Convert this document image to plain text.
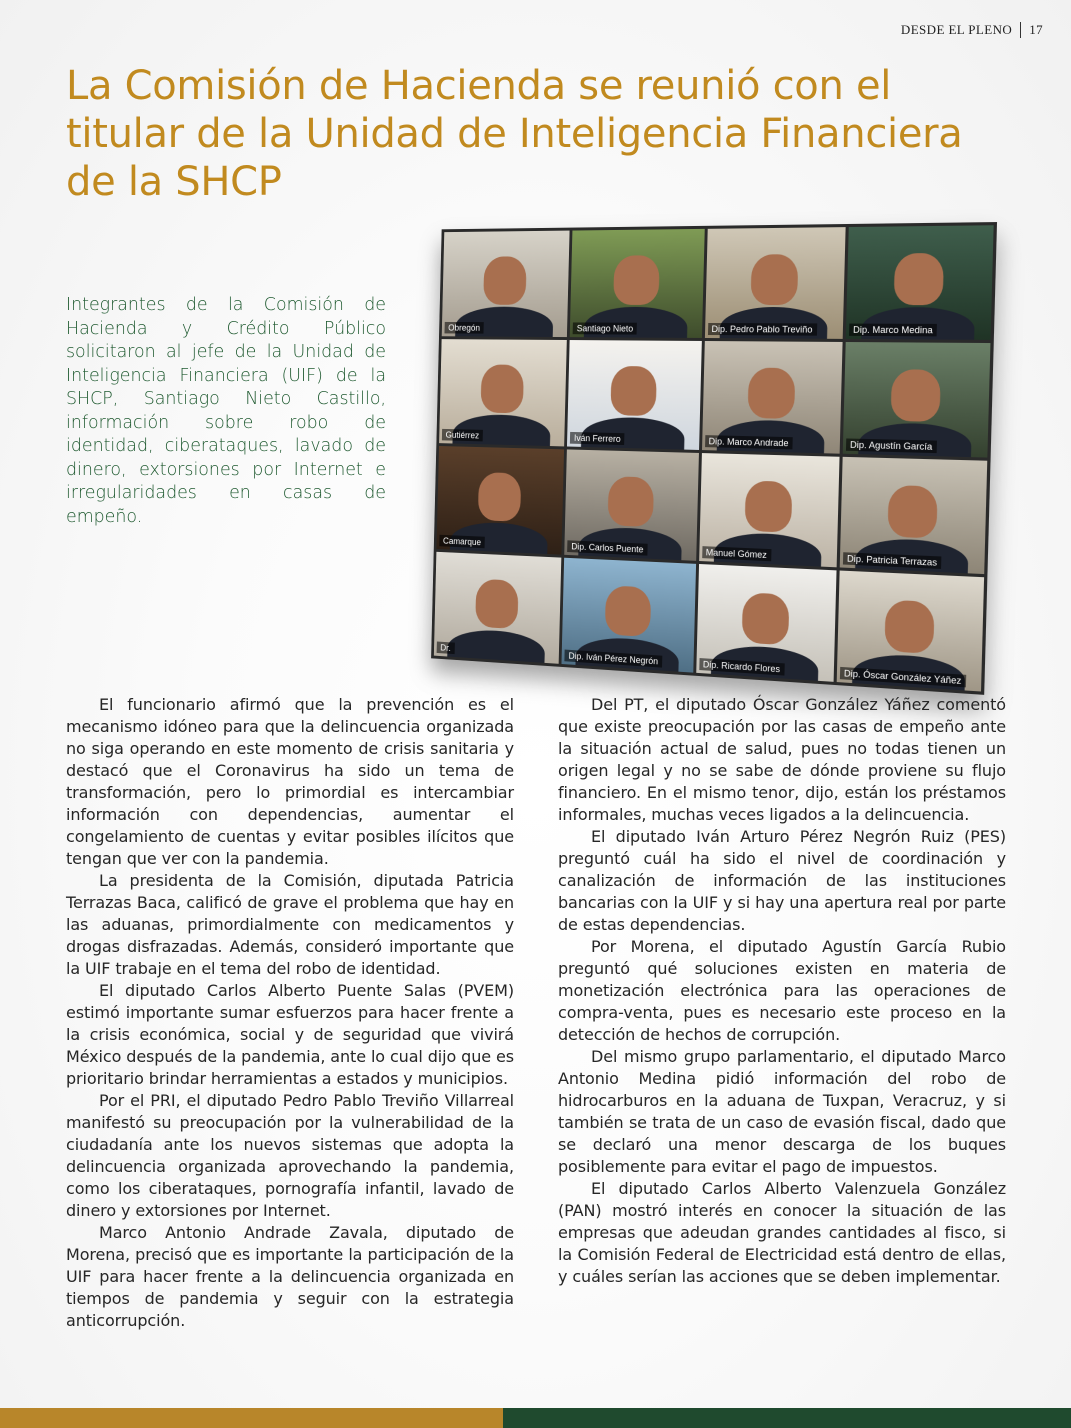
DESDE EL PLENO 17
La Comisión de Hacienda se reunió con el titular de la Unidad de Inteligencia Financiera de la SHCP

Integrantes de la Comisión de Hacienda y Crédito Público solicitaron al jefe de la Unidad de Inteligencia Financiera (UIF) de la SHCP, Santiago Nieto Castillo, información sobre robo de identidad, ciberataques, lavado de dinero, extorsiones por Internet e irregularidades en casas de empeño.

Obregón	Santiago Nieto	Dip. Pedro Pablo Treviño	Dip. Marco Medina
Gutiérrez	Iván Ferrero	Dip. Marco Andrade	Dip. Agustín García
Camarque	Dip. Carlos Puente	Manuel Gómez	Dip. Patricia Terrazas
Dr.
Dip. Iván Pérez Negrón
Dip. Ricardo Flores
Dip. Óscar González Yáñez

El funcionario afirmó que la prevención es el mecanismo idóneo para que la delincuencia organizada no siga operando en este momento de crisis sanitaria y destacó que el Coronavirus ha sido un tema de transformación, pero lo primordial es intercambiar información con dependencias, aumentar el congelamiento de cuentas y evitar posibles ilícitos que tengan que ver con la pandemia.

La presidenta de la Comisión, diputada Patricia Terrazas Baca, calificó de grave el problema que hay en las aduanas, primordialmente con medicamentos y drogas disfrazadas. Además, consideró importante que la UIF trabaje en el tema del robo de identidad.

El diputado Carlos Alberto Puente Salas (PVEM) estimó importante sumar esfuerzos para hacer frente a la crisis económica, social y de seguridad que vivirá México después de la pandemia, ante lo cual dijo que es prioritario brindar herramientas a estados y municipios.

Por el PRI, el diputado Pedro Pablo Treviño Villarreal manifestó su preocupación por la vulnerabilidad de la ciudadanía ante los nuevos sistemas que adopta la delincuencia organizada aprovechando la pandemia, como los ciberataques, pornografía infantil, lavado de dinero y extorsiones por Internet.

Marco Antonio Andrade Zavala, diputado de Morena, precisó que es importante la participación de la UIF para hacer frente a la delincuencia organizada en tiempos de pandemia y seguir con la estrategia anticorrupción.

Del PT, el diputado Óscar González Yáñez comentó que existe preocupación por las casas de empeño ante la situación actual de salud, pues no todas tienen un origen legal y no se sabe de dónde proviene su flujo financiero. En el mismo tenor, dijo, están los préstamos informales, muchas veces ligados a la delincuencia.

El diputado Iván Arturo Pérez Negrón Ruiz (PES) preguntó cuál ha sido el nivel de coordinación y canalización de información de las instituciones bancarias con la UIF y si hay una apertura real por parte de estas dependencias.

Por Morena, el diputado Agustín García Rubio preguntó qué soluciones existen en materia de monetización electrónica para las operaciones de compra-venta, pues es necesario este proceso en la detección de hechos de corrupción.

Del mismo grupo parlamentario, el diputado Marco Antonio Medina pidió información del robo de hidrocarburos en la aduana de Tuxpan, Veracruz, y si también se trata de un caso de evasión fiscal, dado que se declaró una menor descarga de los buques posiblemente para evitar el pago de impuestos.

El diputado Carlos Alberto Valenzuela González (PAN) mostró interés en conocer la situación de las empresas que adeudan grandes cantidades al fisco, si la Comisión Federal de Electricidad está dentro de ellas, y cuáles serían las acciones que se deben implementar.
